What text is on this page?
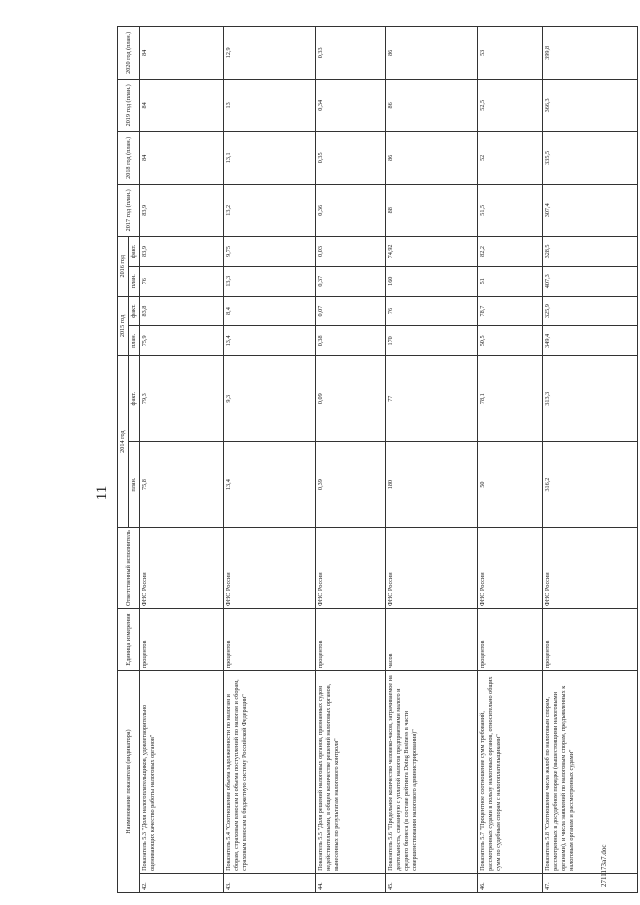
11
Наименование показателя (индикатора)		Единица измерения	Ответственный исполнитель	2014 год		2015 год		2016 год		2017 год (план.)	2018 год (план.)	2019 год (план.)	2020 год (план.)
				план.	факт.	план.	факт.	план.	факт.				
42.	Показатель 5.3 "Доля налогоплательщиков, удовлетворительно оценивающих качество работы налоговых органов"	процентов	ФНС России	75,8	79,3	75,9	83,8	76	83,9	83,9	84	84	84
43.	Показатель 5.4 "Соотношение объема задолженности по налогам и сборам, страховым взносам и объема поступлений по налогам и сборам, страховым взносам в бюджетную систему Российской Федерации"	процентов	ФНС России	13,4	9,3	13,4	8,4	13,3	9,75	13,2	13,1	13	12,9
44.	Показатель 5.5 "Доля решений налоговых органов, признанных судом недействительными, в общем количестве решений налоговых органов, вынесенных по результатам налогового контроля"	процентов	ФНС России	0,39	0,09	0,38	0,07	0,37	0,03	0,36	0,35	0,34	0,33
45.	Показатель 5.6 "Предельное количество человеко-часов, затрачиваемое на деятельность, связанную с уплатой налогов предприятиями малого и среднего бизнеса (в составе рейтинга Doing Business в части совершенствования налогового администрирования)"	часов	ФНС России	180	77	170	76	160	74,92	88	86	86	86
46.	Показатель 5.7 "Процентное соотношение сумм требований, рассмотренных судами в пользу налоговых органов, относительно общих сумм по судебным спорам с налогоплательщиками"	процентов	ФНС России	50	78,1	50,5	78,7	51	82,2	51,5	52	52,5	53
47.	Показатель 5.8 "Соотношение числа жалоб по налоговым спорам, рассмотренных в досудебном порядке (вышестоящими налоговыми органами), и числа заявлений по налоговым спорам, предъявленных к налоговым органам и рассмотренных судами"	процентов	ФНС России	316,2	313,3	349,4	325,9	407,3	328,5	307,4	335,5	366,3	399,8
2711173a7.doc
